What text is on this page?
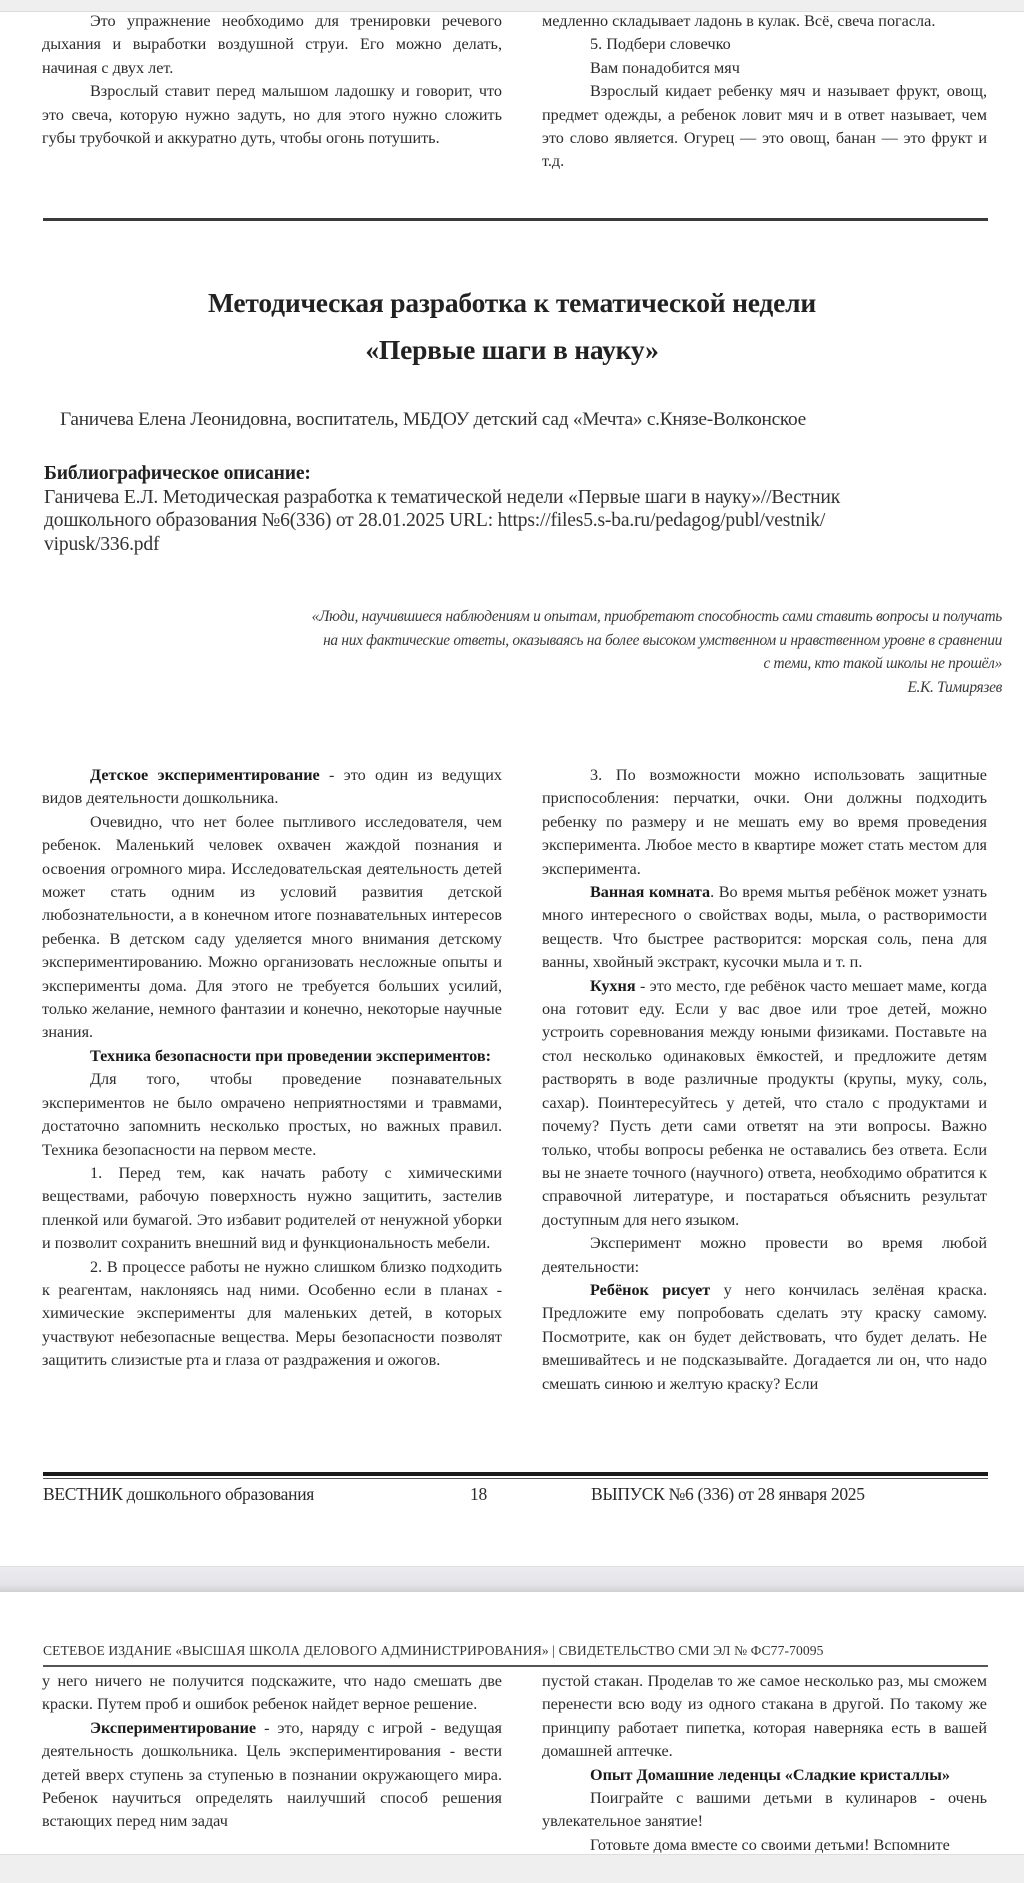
Это упражнение необходимо для тренировки речевого дыхания и выработки воздушной струи. Его можно делать, начиная с двух лет.

Взрослый ставит перед малышом ладошку и говорит, что это свеча, которую нужно задуть, но для этого нужно сложить губы трубочкой и аккуратно дуть, чтобы огонь потушить.

медленно складывает ладонь в кулак. Всё, свеча погасла.

5. Подбери словечко

Вам понадобится мяч

Взрослый кидает ребенку мяч и называет фрукт, овощ, предмет одежды, а ребенок ловит мяч и в ответ называет, чем это слово является. Огурец — это овощ, банан — это фрукт и т.д.

Методическая разработка к тематической недели
«Первые шаги в науку»
Ганичева Елена Леонидовна, воспитатель, МБДОУ детский сад «Мечта» с.Князе-Волконское
Библиографическое описание:
Ганичева Е.Л. Методическая разработка к тематической недели «Первые шаги в науку»//Вестник
дошкольного образования №6(336) от 28.01.2025 URL: https://files5.s-ba.ru/pedagog/publ/vestnik/
vipusk/336.pdf
«Люди, научившиеся наблюдениям и опытам, приобретают способность сами ставить вопросы и получать
на них фактические ответы, оказываясь на более высоком умственном и нравственном уровне в сравнении
с теми, кто такой школы не прошёл»
Е.К. Тимирязев

Детское экспериментирование - это один из ведущих видов деятельности дошкольника.

Очевидно, что нет более пытливого исследователя, чем ребенок. Маленький человек охвачен жаждой познания и освоения огромного мира. Исследовательская деятельность детей может стать одним из условий развития детской любознательности, а в конечном итоге познавательных интересов ребенка. В детском саду уделяется много внимания детскому экспериментированию. Можно организовать несложные опыты и эксперименты дома. Для этого не требуется больших усилий, только желание, немного фантазии и конечно, некоторые научные знания.

Техника безопасности при проведении экспериментов:

Для того, чтобы проведение познавательных экспериментов не было омрачено неприятностями и травмами, достаточно запомнить несколько простых, но важных правил. Техника безопасности на первом месте.

1. Перед тем, как начать работу с химическими веществами, рабочую поверхность нужно защитить, застелив пленкой или бумагой. Это избавит родителей от ненужной уборки и позволит сохранить внешний вид и функциональность мебели.

2. В процессе работы не нужно слишком близко подходить к реагентам, наклоняясь над ними. Особенно если в планах - химические эксперименты для маленьких детей, в которых участвуют небезопасные вещества. Меры безопасности позволят защитить слизистые рта и глаза от раздражения и ожогов.

3. По возможности можно использовать защитные приспособления: перчатки, очки. Они должны подходить ребенку по размеру и не мешать ему во время проведения эксперимента. Любое место в квартире может стать местом для эксперимента.

Ванная комната. Во время мытья ребёнок может узнать много интересного о свойствах воды, мыла, о растворимости веществ. Что быстрее растворится: морская соль, пена для ванны, хвойный экстракт, кусочки мыла и т. п.

Кухня - это место, где ребёнок часто мешает маме, когда она готовит еду. Если у вас двое или трое детей, можно устроить соревнования между юными физиками. Поставьте на стол несколько одинаковых ёмкостей, и предложите детям растворять в воде различные продукты (крупы, муку, соль, сахар). Поинтересуйтесь у детей, что стало с продуктами и почему? Пусть дети сами ответят на эти вопросы. Важно только, чтобы вопросы ребенка не оставались без ответа. Если вы не знаете точного (научного) ответа, необходимо обратится к справочной литературе, и постараться объяснить результат доступным для него языком.

Эксперимент можно провести во время любой деятельности:

Ребёнок рисует у него кончилась зелёная краска. Предложите ему попробовать сделать эту краску самому. Посмотрите, как он будет действовать, что будет делать. Не вмешивайтесь и не подсказывайте. Догадается ли он, что надо смешать синюю и желтую краску? Если

ВЕСТНИК дошкольного образования	18	ВЫПУСК №6 (336) от 28 января 2025
СЕТЕВОЕ ИЗДАНИЕ «ВЫСШАЯ ШКОЛА ДЕЛОВОГО АДМИНИСТРИРОВАНИЯ» | СВИДЕТЕЛЬСТВО СМИ ЭЛ № ФС77-70095

у него ничего не получится подскажите, что надо смешать две краски. Путем проб и ошибок ребенок найдет верное решение.

Экспериментирование - это, наряду с игрой - ведущая деятельность дошкольника. Цель экспериментирования - вести детей вверх ступень за ступенью в познании окружающего мира. Ребенок научиться определять наилучший способ решения встающих перед ним задач

пустой стакан. Проделав то же самое несколько раз, мы сможем перенести всю воду из одного стакана в другой. По такому же принципу работает пипетка, которая наверняка есть в вашей домашней аптечке.

Опыт Домашние леденцы «Сладкие кристаллы»

Поиграйте с вашими детьми в кулинаров - очень увлекательное занятие!

Готовьте дома вместе со своими детьми! Вспомните
